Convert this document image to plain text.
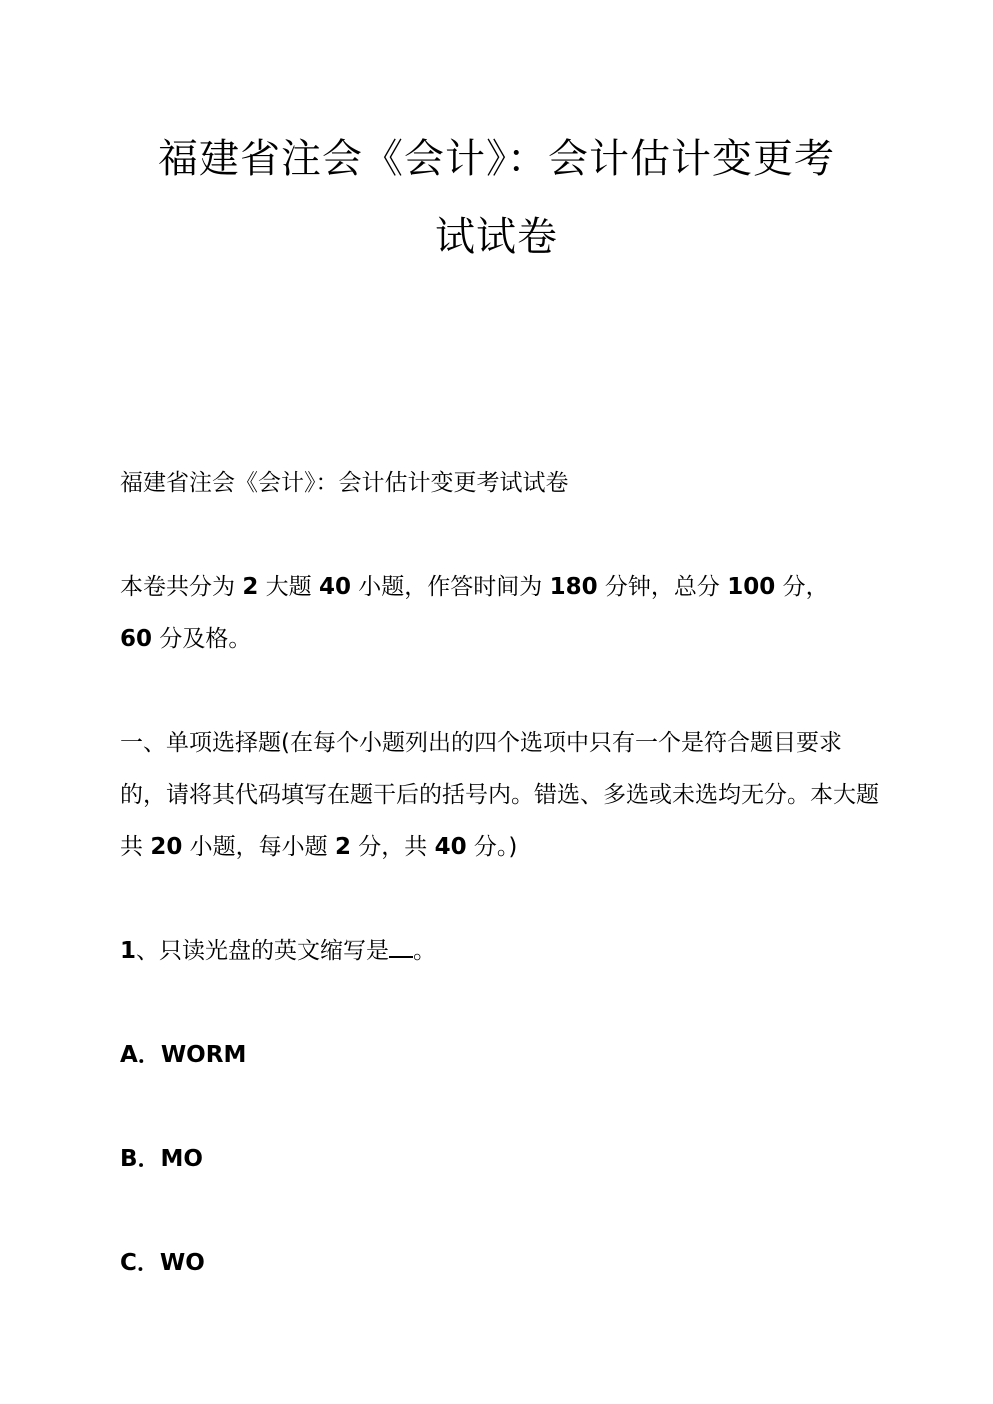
福建省注会《会计》：会计估计变更考
试试卷

福建省注会《会计》：会计估计变更考试试卷

本卷共分为 2 大题 40 小题，作答时间为 180 分钟，总分 100 分，
60 分及格。

一、单项选择题(在每个小题列出的四个选项中只有一个是符合题目要求的，请将其代码填写在题干后的括号内。错选、多选或未选均无分。本大题共 20 小题，每小题 2 分，共 40 分。)

1、只读光盘的英文缩写是 。

A．WORM

B．MO

C．WO
